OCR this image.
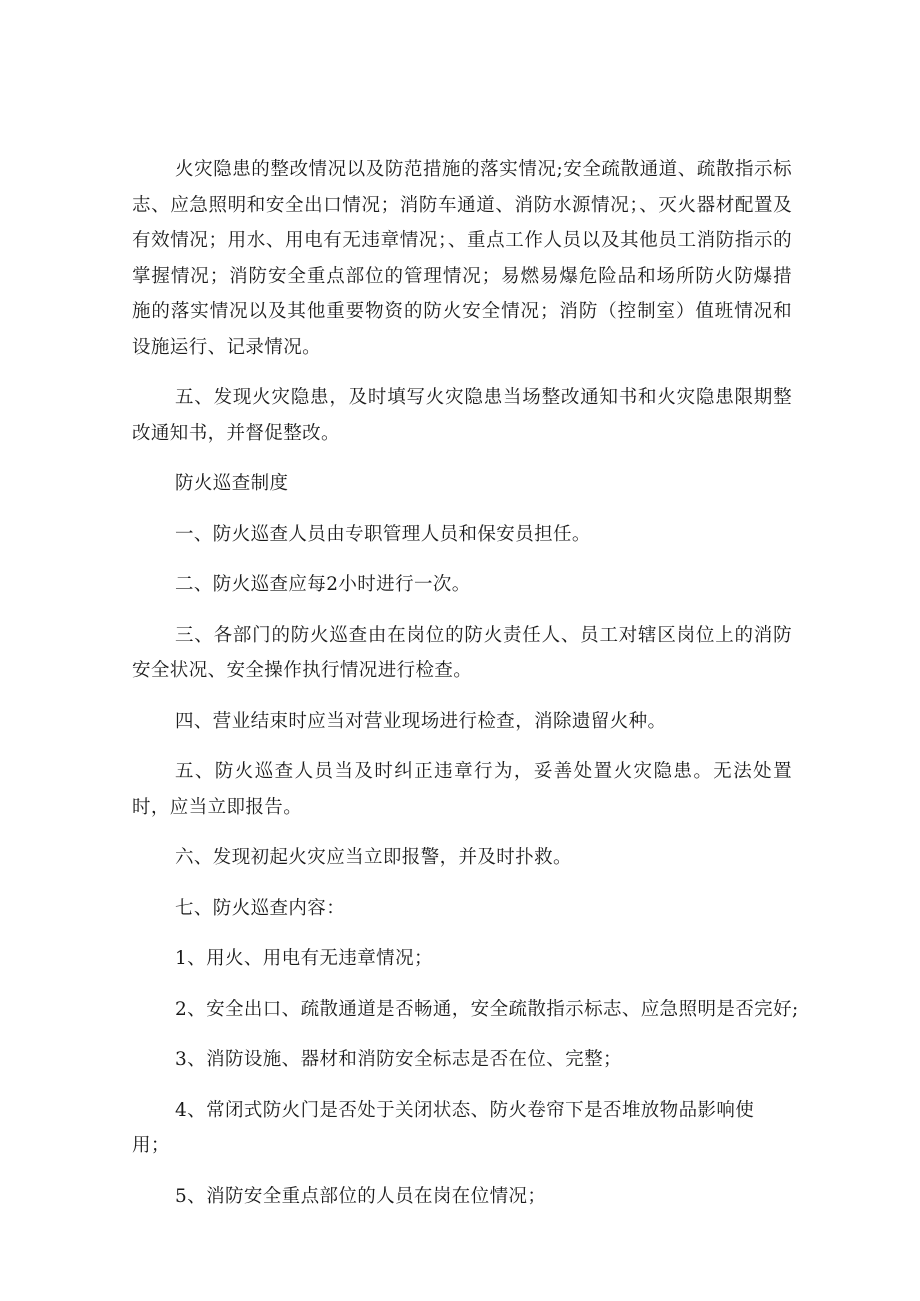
火灾隐患的整改情况以及防范措施的落实情况;安全疏散通道、疏散指示标志、应急照明和安全出口情况；消防车通道、消防水源情况；、灭火器材配置及有效情况；用水、用电有无违章情况；、重点工作人员以及其他员工消防指示的掌握情况；消防安全重点部位的管理情况；易燃易爆危险品和场所防火防爆措施的落实情况以及其他重要物资的防火安全情况；消防（控制室）值班情况和设施运行、记录情况。

五、发现火灾隐患，及时填写火灾隐患当场整改通知书和火灾隐患限期整改通知书，并督促整改。

防火巡查制度

一、防火巡查人员由专职管理人员和保安员担任。

二、防火巡查应每2小时进行一次。

三、各部门的防火巡查由在岗位的防火责任人、员工对辖区岗位上的消防安全状况、安全操作执行情况进行检查。

四、营业结束时应当对营业现场进行检查，消除遗留火种。

五、防火巡查人员当及时纠正违章行为，妥善处置火灾隐患。无法处置时，应当立即报告。

六、发现初起火灾应当立即报警，并及时扑救。

七、防火巡查内容：

1、用火、用电有无违章情况；

2、安全出口、疏散通道是否畅通，安全疏散指示标志、应急照明是否完好;

3、消防设施、器材和消防安全标志是否在位、完整；

4、常闭式防火门是否处于关闭状态、防火卷帘下是否堆放物品影响使

用；

5、消防安全重点部位的人员在岗在位情况；
